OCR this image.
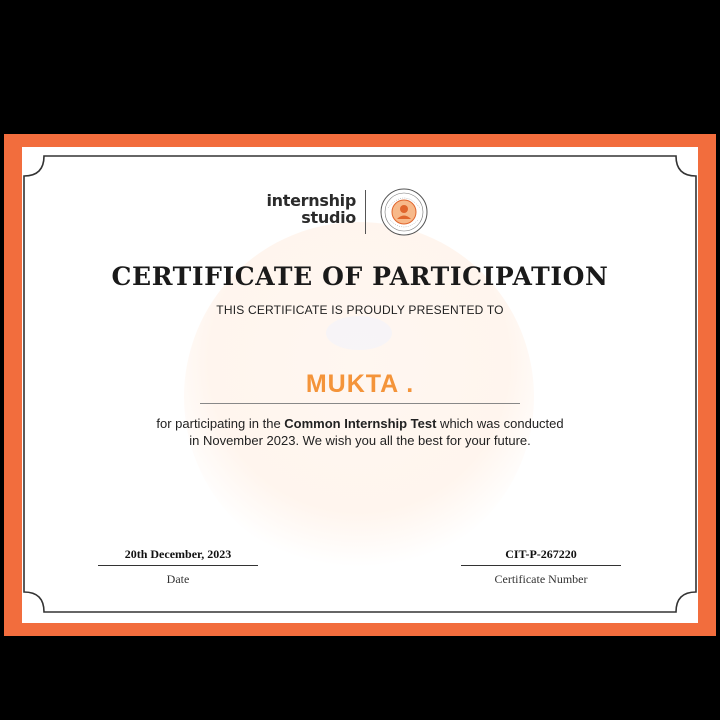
internship
studio
CERTIFICATE OF PARTICIPATION
THIS CERTIFICATE IS PROUDLY PRESENTED TO
MUKTA .
for participating in the Common Internship Test which was conducted in November 2023. We wish you all the best for your future.
20th December, 2023
Date
CIT-P-267220
Certificate Number
